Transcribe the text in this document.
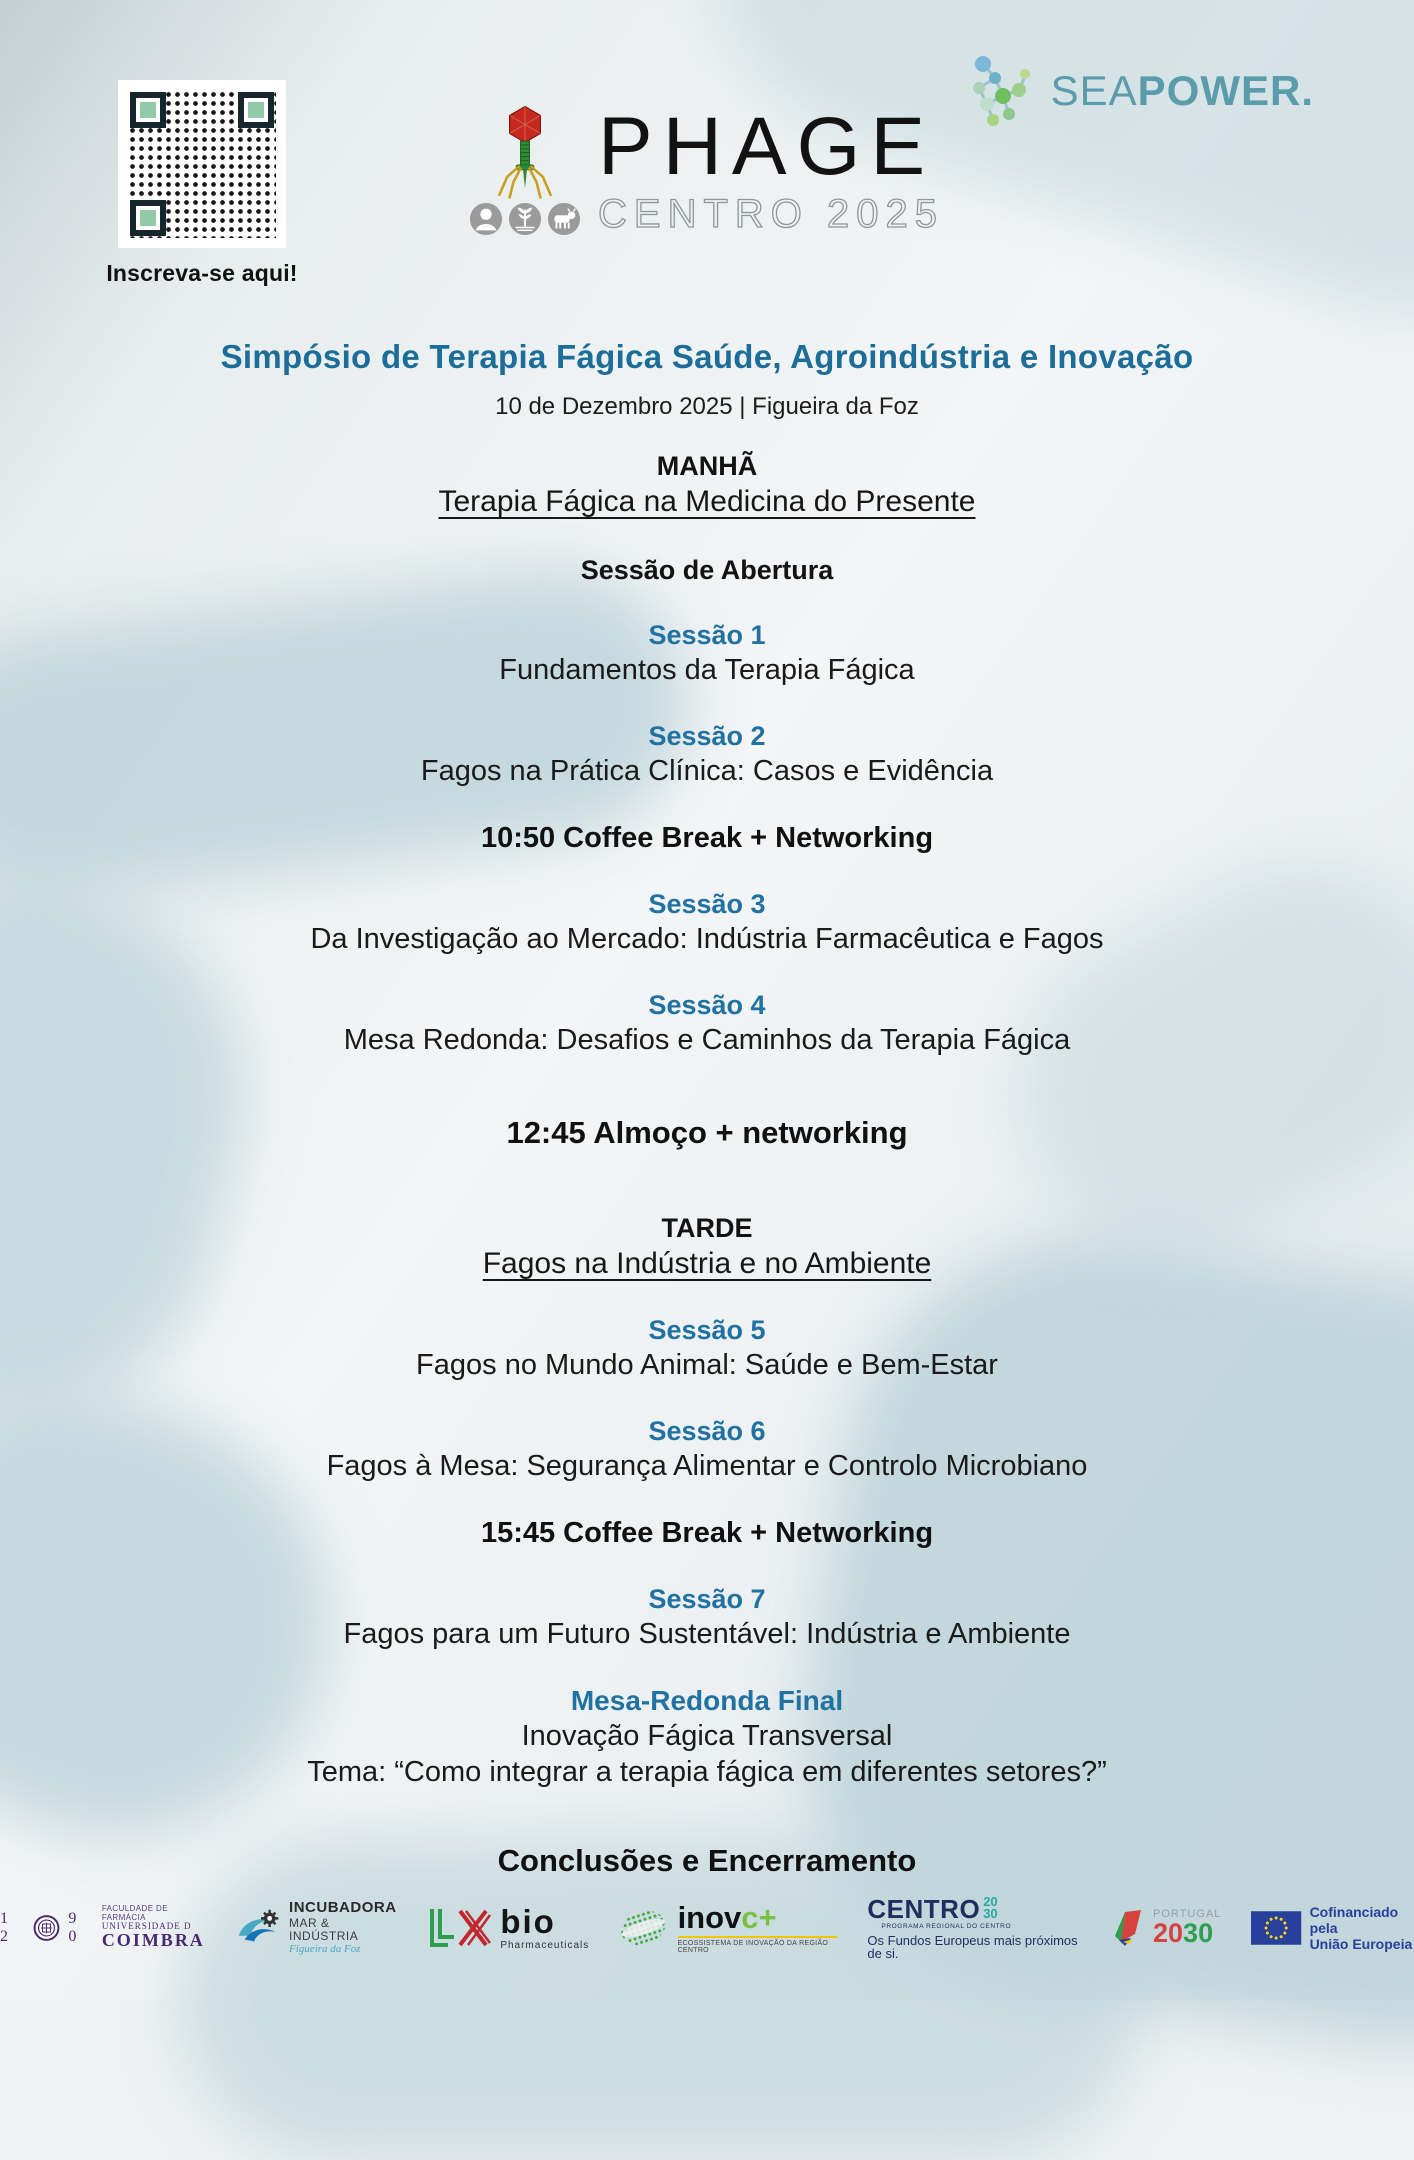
Inscreva-se aqui!
SEAPOWER.
PHAGE
CENTRO 2025
Simpósio de Terapia Fágica Saúde, Agroindústria e Inovação
10 de Dezembro 2025 | Figueira da Foz
MANHÃ
Terapia Fágica na Medicina do Presente
Sessão de Abertura
Sessão 1
Fundamentos da Terapia Fágica
Sessão 2
Fagos na Prática Clínica: Casos e Evidência
10:50 Coffee Break + Networking
Sessão 3
Da Investigação ao Mercado: Indústria Farmacêutica e Fagos
Sessão 4
Mesa Redonda: Desafios e Caminhos da Terapia Fágica
12:45 Almoço + networking
TARDE
Fagos na Indústria e no Ambiente
Sessão 5
Fagos no Mundo Animal: Saúde e Bem-Estar
Sessão 6
Fagos à Mesa: Segurança Alimentar e Controlo Microbiano
15:45 Coffee Break + Networking
Sessão 7
Fagos para um Futuro Sustentável: Indústria e Ambiente
Mesa-Redonda Final
Inovação Fágica Transversal
Tema: “Como integrar a terapia fágica em diferentes setores?”
Conclusões e Encerramento
1 2
9 0
FACULDADE DE FARMÁCIA
UNIVERSIDADE D
COIMBRA
INCUBADORA
MAR & INDÚSTRIA
Figueira da Foz
bio
Pharmaceuticals
inovc+
ECOSSISTEMA DE INOVAÇÃO DA REGIÃO CENTRO
CENTRO 20
30
PROGRAMA REGIONAL DO CENTRO
Os Fundos Europeus mais próximos de si.
PORTUGAL
2030
Cofinanciado pela
União Europeia
